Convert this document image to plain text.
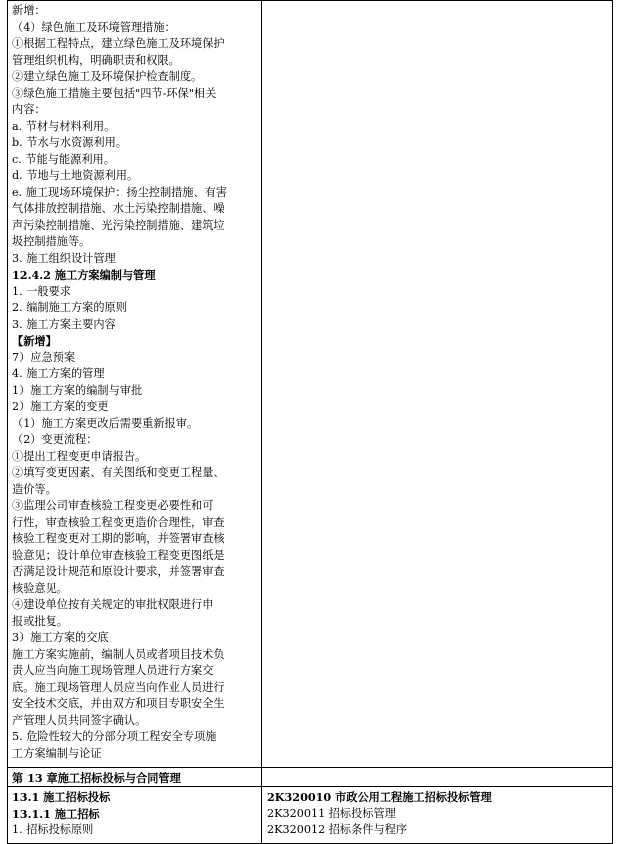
新增：
（4）绿色施工及环境管理措施：
①根据工程特点，建立绿色施工及环境保护
管理组织机构，明确职责和权限。
②建立绿色施工及环境保护检查制度。
③绿色施工措施主要包括"四节-环保"相关
内容：
a. 节材与材料利用。
b. 节水与水资源利用。
c. 节能与能源利用。
d. 节地与土地资源利用。
e. 施工现场环境保护：扬尘控制措施、有害
气体排放控制措施、水土污染控制措施、噪
声污染控制措施、光污染控制措施、建筑垃
圾控制措施等。
3. 施工组织设计管理
12.4.2 施工方案编制与管理
1. 一般要求
2. 编制施工方案的原则
3. 施工方案主要内容
【新增】
7）应急预案
4. 施工方案的管理
1）施工方案的编制与审批
2）施工方案的变更
（1）施工方案更改后需要重新报审。
（2）变更流程：
①提出工程变更申请报告。
②填写变更因素、有关图纸和变更工程量、
造价等。
③监理公司审查核验工程变更必要性和可
行性，审查核验工程变更造价合理性，审查
核验工程变更对工期的影响，并签署审查核
验意见；设计单位审查核验工程变更图纸是
否满足设计规范和原设计要求，并签署审查
核验意见。
④建设单位按有关规定的审批权限进行申
报或批复。
3）施工方案的交底
施工方案实施前，编制人员或者项目技术负
责人应当向施工现场管理人员进行方案交
底。施工现场管理人员应当向作业人员进行
安全技术交底，并由双方和项目专职安全生
产管理人员共同签字确认。
5. 危险性较大的分部分项工程安全专项施
工方案编制与论证
第 13 章施工招标投标与合同管理
13.1 施工招标投标
13.1.1 施工招标
1. 招标投标原则
2K320010 市政公用工程施工招标投标管理
2K320011 招标投标管理
2K320012 招标条件与程序
